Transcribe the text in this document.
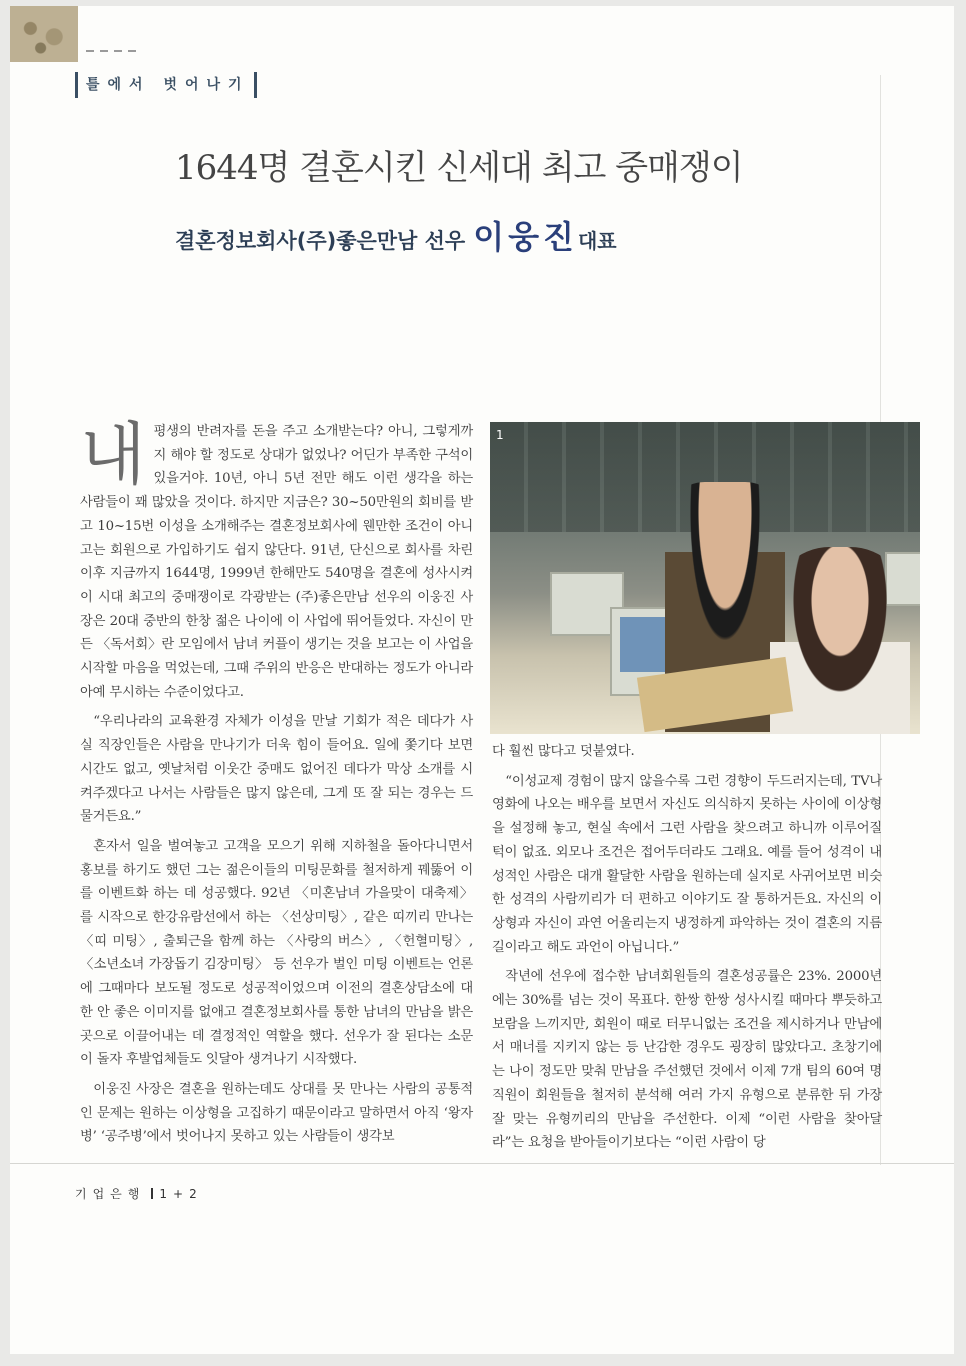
틀에서 벗어나기
1644명 결혼시킨 신세대 최고 중매쟁이
결혼정보회사(주)좋은만남 선우 이웅진대표

내평생의 반려자를 돈을 주고 소개받는다? 아니, 그렇게까지 해야 할 정도로 상대가 없었나? 어딘가 부족한 구석이 있을거야. 10년, 아니 5년 전만 해도 이런 생각을 하는 사람들이 꽤 많았을 것이다. 하지만 지금은? 30~50만원의 회비를 받고 10~15번 이성을 소개해주는 결혼정보회사에 웬만한 조건이 아니고는 회원으로 가입하기도 쉽지 않단다. 91년, 단신으로 회사를 차린 이후 지금까지 1644명, 1999년 한해만도 540명을 결혼에 성사시켜 이 시대 최고의 중매쟁이로 각광받는 (주)좋은만남 선우의 이웅진 사장은 20대 중반의 한창 젊은 나이에 이 사업에 뛰어들었다. 자신이 만든 〈독서회〉란 모임에서 남녀 커플이 생기는 것을 보고는 이 사업을 시작할 마음을 먹었는데, 그때 주위의 반응은 반대하는 정도가 아니라 아예 무시하는 수준이었다고.

“우리나라의 교육환경 자체가 이성을 만날 기회가 적은 데다가 사실 직장인들은 사람을 만나기가 더욱 힘이 들어요. 일에 쫓기다 보면 시간도 없고, 옛날처럼 이웃간 중매도 없어진 데다가 막상 소개를 시켜주겠다고 나서는 사람들은 많지 않은데, 그게 또 잘 되는 경우는 드물거든요.”

혼자서 일을 벌여놓고 고객을 모으기 위해 지하철을 돌아다니면서 홍보를 하기도 했던 그는 젊은이들의 미팅문화를 철저하게 꿰뚫어 이를 이벤트화 하는 데 성공했다. 92년 〈미혼남녀 가을맞이 대축제〉를 시작으로 한강유람선에서 하는 〈선상미팅〉, 같은 띠끼리 만나는 〈띠 미팅〉, 출퇴근을 함께 하는 〈사랑의 버스〉, 〈헌혈미팅〉, 〈소년소녀 가장돕기 김장미팅〉 등 선우가 벌인 미팅 이벤트는 언론에 그때마다 보도될 정도로 성공적이었으며 이전의 결혼상담소에 대한 안 좋은 이미지를 없애고 결혼정보회사를 통한 남녀의 만남을 밝은 곳으로 이끌어내는 데 결정적인 역할을 했다. 선우가 잘 된다는 소문이 돌자 후발업체들도 잇달아 생겨나기 시작했다.

이웅진 사장은 결혼을 원하는데도 상대를 못 만나는 사람의 공통적인 문제는 원하는 이상형을 고집하기 때문이라고 말하면서 아직 ‘왕자병’ ‘공주병’에서 벗어나지 못하고 있는 사람들이 생각보

1

다 훨씬 많다고 덧붙였다.

“이성교제 경험이 많지 않을수록 그런 경향이 두드러지는데, TV나 영화에 나오는 배우를 보면서 자신도 의식하지 못하는 사이에 이상형을 설정해 놓고, 현실 속에서 그런 사람을 찾으려고 하니까 이루어질 턱이 없죠. 외모나 조건은 접어두더라도 그래요. 예를 들어 성격이 내성적인 사람은 대개 활달한 사람을 원하는데 실지로 사귀어보면 비슷한 성격의 사람끼리가 더 편하고 이야기도 잘 통하거든요. 자신의 이상형과 자신이 과연 어울리는지 냉정하게 파악하는 것이 결혼의 지름길이라고 해도 과언이 아닙니다.”

작년에 선우에 접수한 남녀회원들의 결혼성공률은 23%. 2000년에는 30%를 넘는 것이 목표다. 한쌍 한쌍 성사시킬 때마다 뿌듯하고 보람을 느끼지만, 회원이 때로 터무니없는 조건을 제시하거나 만남에서 매너를 지키지 않는 등 난감한 경우도 굉장히 많았다고. 초창기에는 나이 정도만 맞춰 만남을 주선했던 것에서 이제 7개 팀의 60여 명 직원이 회원들을 철저히 분석해 여러 가지 유형으로 분류한 뒤 가장 잘 맞는 유형끼리의 만남을 주선한다. 이제 “이런 사람을 찾아달라”는 요청을 받아들이기보다는 “이런 사람이 당

기업은행 1+2
